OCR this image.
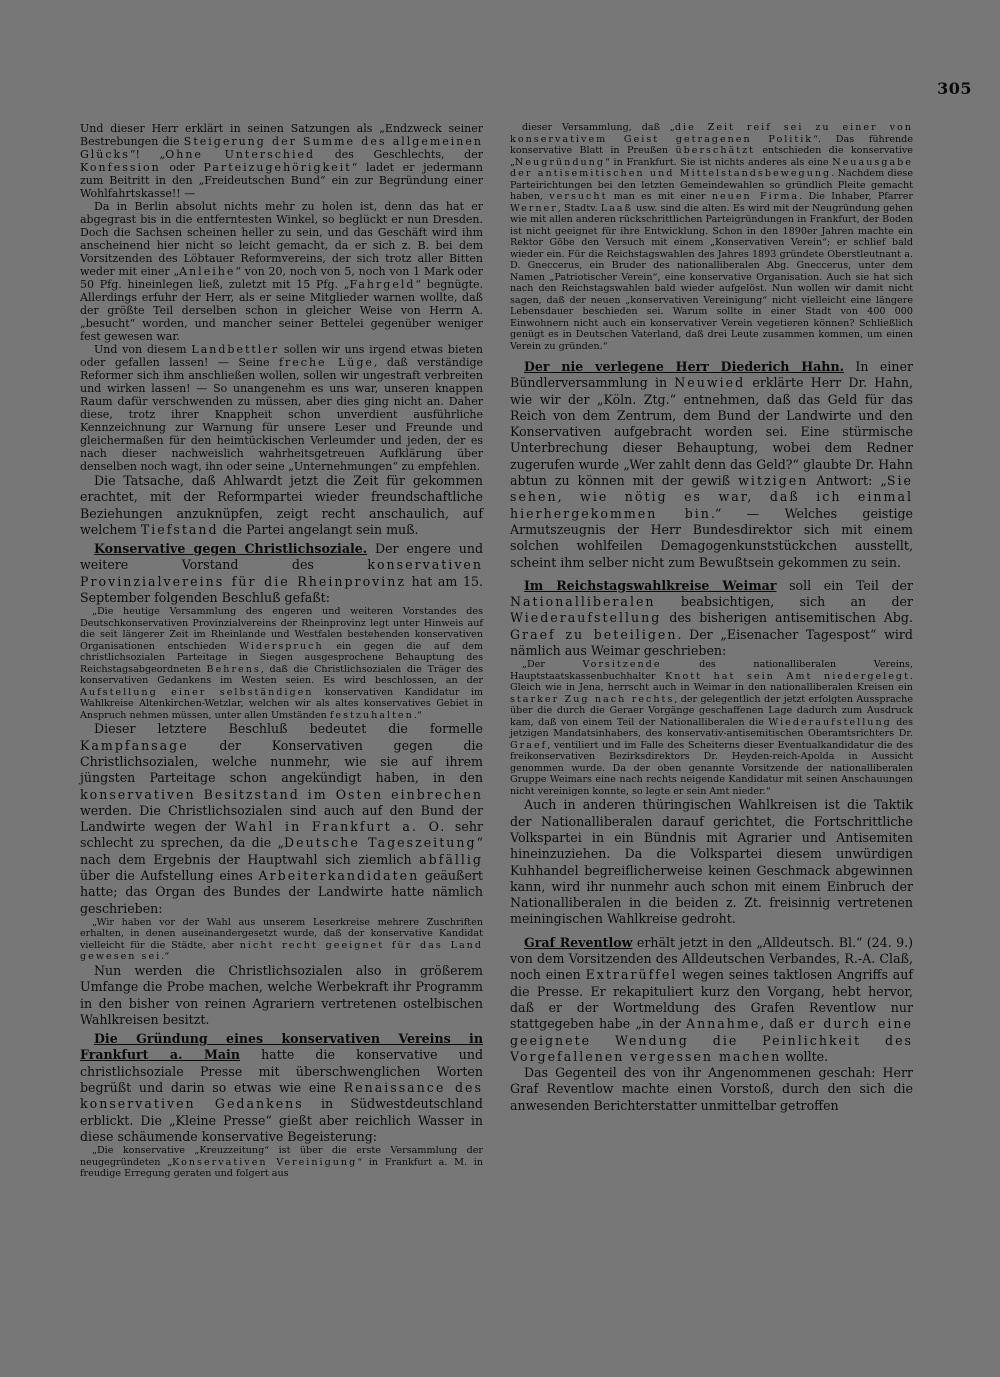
305

Und dieser Herr erklärt in seinen Satzungen als „Endzweck seiner Bestrebungen die Steigerung der Summe des allgemeinen Glücks“! „Ohne Unterschied des Geschlechts, der Konfession oder Parteizugehörigkeit“ ladet er jedermann zum Beitritt in den „Freideutschen Bund“ ein zur Begründung einer Wohlfahrtskasse!! —

Da in Berlin absolut nichts mehr zu holen ist, denn das hat er abgegrast bis in die entferntesten Winkel, so beglückt er nun Dresden. Doch die Sachsen scheinen heller zu sein, und das Geschäft wird ihm anscheinend hier nicht so leicht gemacht, da er sich z. B. bei dem Vorsitzenden des Löbtauer Reformvereins, der sich trotz aller Bitten weder mit einer „Anleihe“ von 20, noch von 5, noch von 1 Mark oder 50 Pfg. hineinlegen ließ, zuletzt mit 15 Pfg. „Fahrgeld“ begnügte. Allerdings erfuhr der Herr, als er seine Mitglieder warnen wollte, daß der größte Teil derselben schon in gleicher Weise von Herrn A. „besucht“ worden, und mancher seiner Bettelei gegenüber weniger fest gewesen war.

Und von diesem Landbettler sollen wir uns irgend etwas bieten oder gefallen lassen! — Seine freche Lüge, daß verständige Reformer sich ihm anschließen wollen, sollen wir ungestraft verbreiten und wirken lassen! — So unangenehm es uns war, unseren knappen Raum dafür verschwenden zu müssen, aber dies ging nicht an. Daher diese, trotz ihrer Knappheit schon unverdient ausführliche Kennzeichnung zur Warnung für unsere Leser und Freunde und gleichermaßen für den heimtückischen Verleumder und jeden, der es nach dieser nachweislich wahrheitsgetreuen Aufklärung über denselben noch wagt, ihn oder seine „Unternehmungen“ zu empfehlen.

Die Tatsache, daß Ahlwardt jetzt die Zeit für gekommen erachtet, mit der Reformpartei wieder freundschaftliche Beziehungen anzuknüpfen, zeigt recht anschaulich, auf welchem Tiefstand die Partei angelangt sein muß.

Konservative gegen Christlichsoziale. Der engere und weitere Vorstand des konservativen Provinzialvereins für die Rheinprovinz hat am 15. September folgenden Beschluß gefaßt:

„Die heutige Versammlung des engeren und weiteren Vorstandes des Deutschkonservativen Provinzialvereins der Rheinprovinz legt unter Hinweis auf die seit längerer Zeit im Rheinlande und Westfalen bestehenden konservativen Organisationen entschieden Widerspruch ein gegen die auf dem christlichsozialen Parteitage in Siegen ausgesprochene Behauptung des Reichstagsabgeordneten Behrens, daß die Christlichsozialen die Träger des konservativen Gedankens im Westen seien. Es wird beschlossen, an der Aufstellung einer selbständigen konservativen Kandidatur im Wahlkreise Altenkirchen-Wetzlar, welchen wir als altes konservatives Gebiet in Anspruch nehmen müssen, unter allen Umständen festzuhalten.“

Dieser letztere Beschluß bedeutet die formelle Kampfansage der Konservativen gegen die Christlichsozialen, welche nunmehr, wie sie auf ihrem jüngsten Parteitage schon angekündigt haben, in den konservativen Besitzstand im Osten einbrechen werden. Die Christlichsozialen sind auch auf den Bund der Landwirte wegen der Wahl in Frankfurt a. O. sehr schlecht zu sprechen, da die „Deutsche Tageszeitung“ nach dem Ergebnis der Hauptwahl sich ziemlich abfällig über die Aufstellung eines Arbeiterkandidaten geäußert hatte; das Organ des Bundes der Landwirte hatte nämlich geschrieben:

„Wir haben vor der Wahl aus unserem Leserkreise mehrere Zuschriften erhalten, in denen auseinandergesetzt wurde, daß der konservative Kandidat vielleicht für die Städte, aber nicht recht geeignet für das Land gewesen sei.“

Nun werden die Christlichsozialen also in größerem Umfange die Probe machen, welche Werbekraft ihr Programm in den bisher von reinen Agrariern vertretenen ostelbischen Wahlkreisen besitzt.

Die Gründung eines konservativen Vereins in Frankfurt a. Main hatte die konservative und christlichsoziale Presse mit überschwenglichen Worten begrüßt und darin so etwas wie eine Renaissance des konservativen Gedankens in Südwestdeutschland erblickt. Die „Kleine Presse“ gießt aber reichlich Wasser in diese schäumende konservative Begeisterung:

„Die konservative „Kreuzzeitung“ ist über die erste Versammlung der neugegründeten „Konservativen Vereinigung“ in Frankfurt a. M. in freudige Erregung geraten und folgert aus
dieser Versammlung, daß „die Zeit reif sei zu einer von konservativem Geist getragenen Politik“. Das führende konservative Blatt in Preußen überschätzt entschieden die konservative „Neugründung“ in Frankfurt. Sie ist nichts anderes als eine Neuausgabe der antisemitischen und Mittelstandsbewegung. Nachdem diese Parteirichtungen bei den letzten Gemeindewahlen so gründlich Pleite gemacht haben, versucht man es mit einer neuen Firma. Die Inhaber, Pfarrer Werner, Stadtv. Laaß usw. sind die alten. Es wird mit der Neugründung gehen wie mit allen anderen rückschrittlichen Parteigründungen in Frankfurt, der Boden ist nicht geeignet für ihre Entwicklung. Schon in den 1890er Jahren machte ein Rektor Göbe den Versuch mit einem „Konservativen Verein“; er schlief bald wieder ein. Für die Reichstagswahlen des Jahres 1893 gründete Oberstleutnant a. D. Gneccerus, ein Bruder des nationalliberalen Abg. Gneccerus, unter dem Namen „Patriotischer Verein“, eine konservative Organisation. Auch sie hat sich nach den Reichstagswahlen bald wieder aufgelöst. Nun wollen wir damit nicht sagen, daß der neuen „konservativen Vereinigung“ nicht vielleicht eine längere Lebensdauer beschieden sei. Warum sollte in einer Stadt von 400 000 Einwohnern nicht auch ein konservativer Verein vegetieren können? Schließlich genügt es in Deutschen Vaterland, daß drei Leute zusammen kommen, um einen Verein zu gründen.“

Der nie verlegene Herr Diederich Hahn. In einer Bündlerversammlung in Neuwied erklärte Herr Dr. Hahn, wie wir der „Köln. Ztg.“ entnehmen, daß das Geld für das Reich von dem Zentrum, dem Bund der Landwirte und den Konservativen aufgebracht worden sei. Eine stürmische Unterbrechung dieser Behauptung, wobei dem Redner zugerufen wurde „Wer zahlt denn das Geld?“ glaubte Dr. Hahn abtun zu können mit der gewiß witzigen Antwort: „Sie sehen, wie nötig es war, daß ich einmal hierhergekommen bin.“ — Welches geistige Armutszeugnis der Herr Bundesdirektor sich mit einem solchen wohlfeilen Demagogenkunststückchen ausstellt, scheint ihm selber nicht zum Bewußtsein gekommen zu sein.

Im Reichstagswahlkreise Weimar soll ein Teil der Nationalliberalen beabsichtigen, sich an der Wiederaufstellung des bisherigen antisemitischen Abg. Graef zu beteiligen. Der „Eisenacher Tagespost“ wird nämlich aus Weimar geschrieben:

„Der Vorsitzende des nationalliberalen Vereins, Hauptstaatskassenbuchhalter Knott hat sein Amt niedergelegt. Gleich wie in Jena, herrscht auch in Weimar in den nationalliberalen Kreisen ein starker Zug nach rechts, der gelegentlich der jetzt erfolgten Aussprache über die durch die Geraer Vorgänge geschaffenen Lage dadurch zum Ausdruck kam, daß von einem Teil der Nationalliberalen die Wiederaufstellung des jetzigen Mandatsinhabers, des konservativ-antisemitischen Oberamtsrichters Dr. Graef, ventiliert und im Falle des Scheiterns dieser Eventualkandidatur die des freikonservativen Bezirksdirektors Dr. Heyden-reich-Apolda in Aussicht genommen wurde. Da der oben genannte Vorsitzende der nationalliberalen Gruppe Weimars eine nach rechts neigende Kandidatur mit seinen Anschauungen nicht vereinigen konnte, so legte er sein Amt nieder.“

Auch in anderen thüringischen Wahlkreisen ist die Taktik der Nationalliberalen darauf gerichtet, die Fortschrittliche Volkspartei in ein Bündnis mit Agrarier und Antisemiten hineinzuziehen. Da die Volkspartei diesem unwürdigen Kuhhandel begreiflicherweise keinen Geschmack abgewinnen kann, wird ihr nunmehr auch schon mit einem Einbruch der Nationalliberalen in die beiden z. Zt. freisinnig vertretenen meiningischen Wahlkreise gedroht.

Graf Reventlow erhält jetzt in den „Alldeutsch. Bl.“ (24. 9.) von dem Vorsitzenden des Alldeutschen Verbandes, R.-A. Claß, noch einen Extrarüffel wegen seines taktlosen Angriffs auf die Presse. Er rekapituliert kurz den Vorgang, hebt hervor, daß er der Wortmeldung des Grafen Reventlow nur stattgegeben habe „in der Annahme, daß er durch eine geeignete Wendung die Peinlichkeit des Vorgefallenen vergessen machen wollte.

Das Gegenteil des von ihr Angenommenen geschah: Herr Graf Reventlow machte einen Vorstoß, durch den sich die anwesenden Berichterstatter unmittelbar getroffen
